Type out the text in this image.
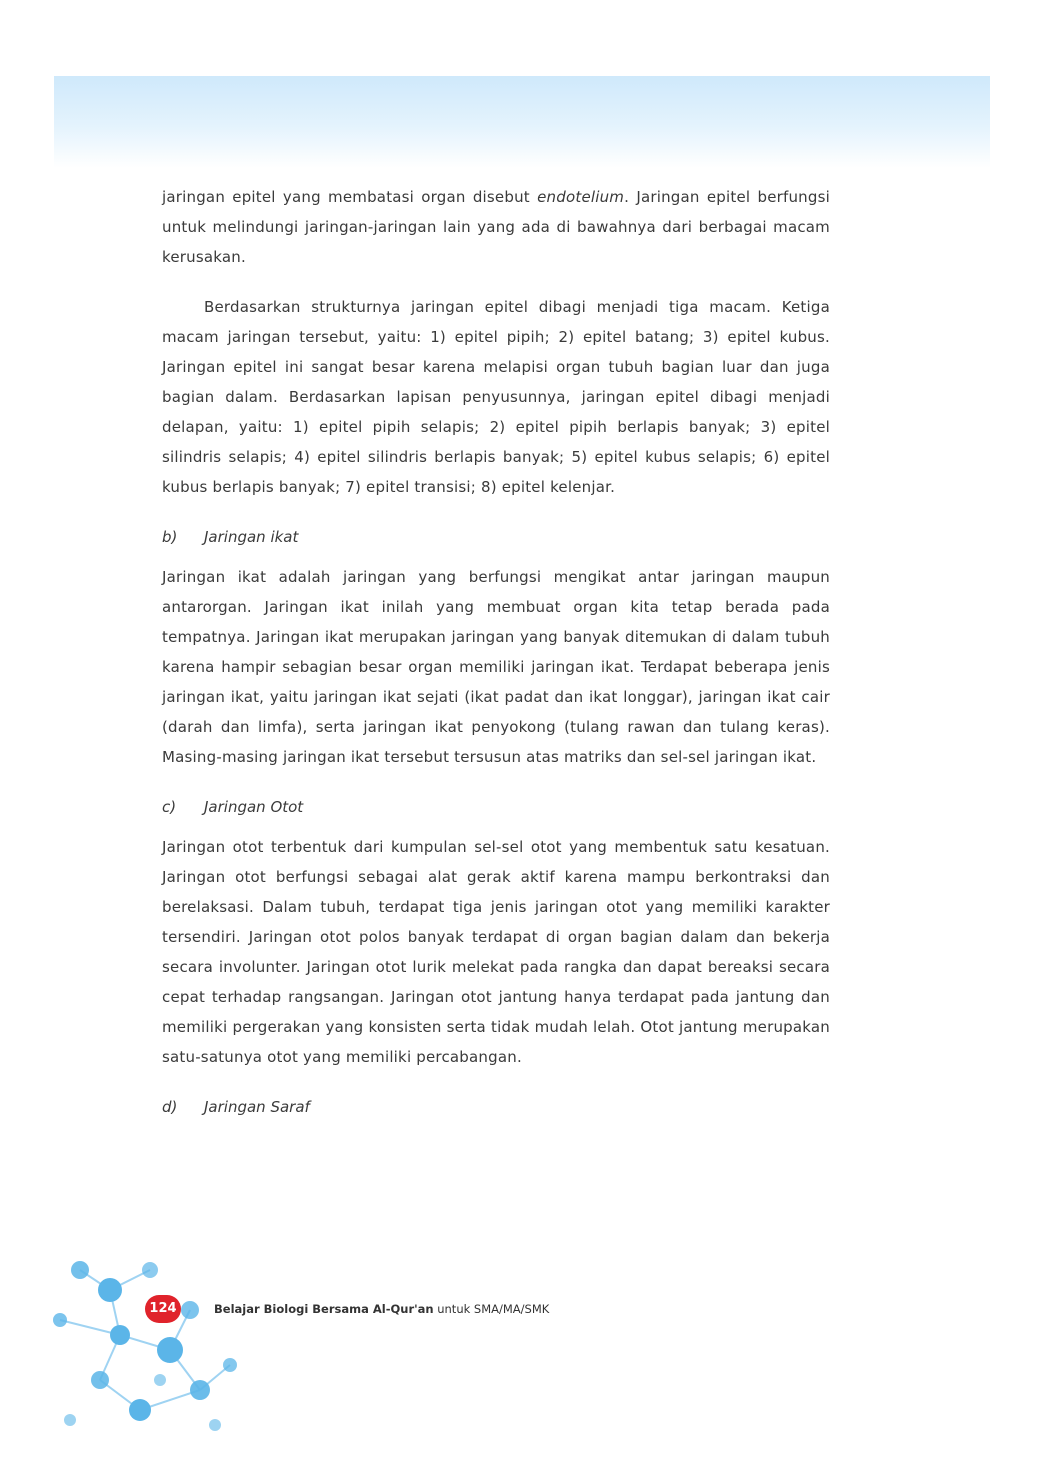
jaringan epitel yang membatasi organ disebut endotelium. Jaringan epitel berfungsi untuk melindungi jaringan-jaringan lain yang ada di bawahnya dari berbagai macam kerusakan.

Berdasarkan strukturnya jaringan epitel dibagi menjadi tiga macam. Ketiga macam jaringan tersebut, yaitu: 1) epitel pipih; 2) epitel batang; 3) epitel kubus. Jaringan epitel ini sangat besar karena melapisi organ tubuh bagian luar dan juga bagian dalam. Berdasarkan lapisan penyusunnya, jaringan epitel dibagi menjadi delapan, yaitu: 1) epitel pipih selapis; 2) epitel pipih berlapis banyak; 3) epitel silindris selapis; 4) epitel silindris berlapis banyak; 5) epitel kubus selapis; 6) epitel kubus berlapis banyak; 7) epitel transisi; 8) epitel kelenjar.

b) Jaringan ikat

Jaringan ikat adalah jaringan yang berfungsi mengikat antar jaringan maupun antarorgan. Jaringan ikat inilah yang membuat organ kita tetap berada pada tempatnya. Jaringan ikat merupakan jaringan yang banyak ditemukan di dalam tubuh karena hampir sebagian besar organ memiliki jaringan ikat. Terdapat beberapa jenis jaringan ikat, yaitu jaringan ikat sejati (ikat padat dan ikat longgar), jaringan ikat cair (darah dan limfa), serta jaringan ikat penyokong (tulang rawan dan tulang keras). Masing-masing jaringan ikat tersebut tersusun atas matriks dan sel-sel jaringan ikat.

c) Jaringan Otot

Jaringan otot terbentuk dari kumpulan sel-sel otot yang membentuk satu kesatuan. Jaringan otot berfungsi sebagai alat gerak aktif karena mampu berkontraksi dan berelaksasi. Dalam tubuh, terdapat tiga jenis jaringan otot yang memiliki karakter tersendiri. Jaringan otot polos banyak terdapat di organ bagian dalam dan bekerja secara involunter. Jaringan otot lurik melekat pada rangka dan dapat bereaksi secara cepat terhadap rangsangan. Jaringan otot jantung hanya terdapat pada jantung dan memiliki pergerakan yang konsisten serta tidak mudah lelah. Otot jantung merupakan satu-satunya otot yang memiliki percabangan.

d) Jaringan Saraf
124	Belajar Biologi Bersama Al-Qur'an untuk SMA/MA/SMK
